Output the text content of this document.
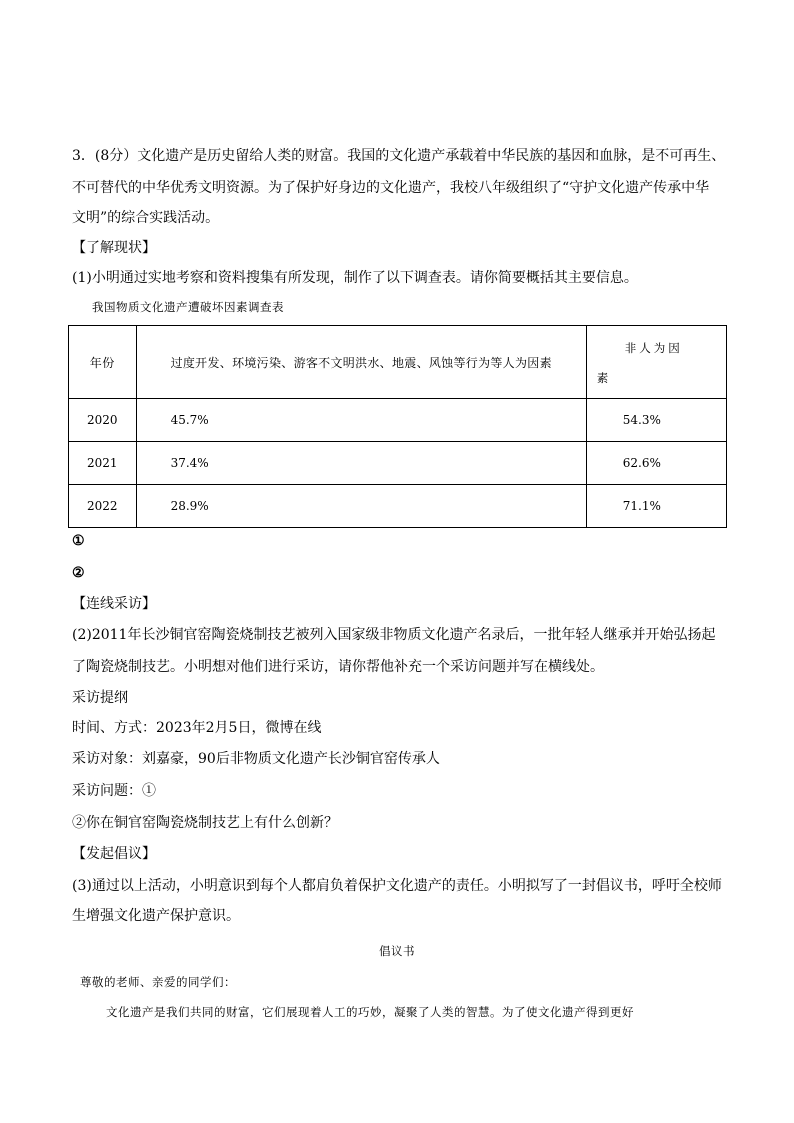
3．(8分）文化遗产是历史留给人类的财富。我国的文化遗产承载着中华民族的基因和血脉，是不可再生、
不可替代的中华优秀文明资源。为了保护好身边的文化遗产，我校八年级组织了“守护文化遗产传承中华
文明”的综合实践活动。
【了解现状】
(1)小明通过实地考察和资料搜集有所发现，制作了以下调查表。请你简要概括其主要信息。
我国物质文化遗产遭破坏因素调查表
年份	过度开发、环境污染、游客不文明洪水、地震、风蚀等行为等人为因素	非人为因
素

2020	45.7%	54.3%
2021	37.4%	62.6%
2022	28.9%	71.1%
①
②
【连线采访】
(2)2011年长沙铜官窑陶瓷烧制技艺被列入国家级非物质文化遗产名录后，一批年轻人继承并开始弘扬起
了陶瓷烧制技艺。小明想对他们进行采访，请你帮他补充一个采访问题并写在横线处。
采访提纲
时间、方式：2023年2月5日，微博在线
采访对象：刘嘉豪，90后非物质文化遗产长沙铜官窑传承人
采访问题：①
②你在铜官窑陶瓷烧制技艺上有什么创新？
【发起倡议】
(3)通过以上活动，小明意识到每个人都肩负着保护文化遗产的责任。小明拟写了一封倡议书，呼吁全校师
生增强文化遗产保护意识。
倡议书
尊敬的老师、亲爱的同学们：
文化遗产是我们共同的财富，它们展现着人工的巧妙，凝聚了人类的智慧。为了使文化遗产得到更好
